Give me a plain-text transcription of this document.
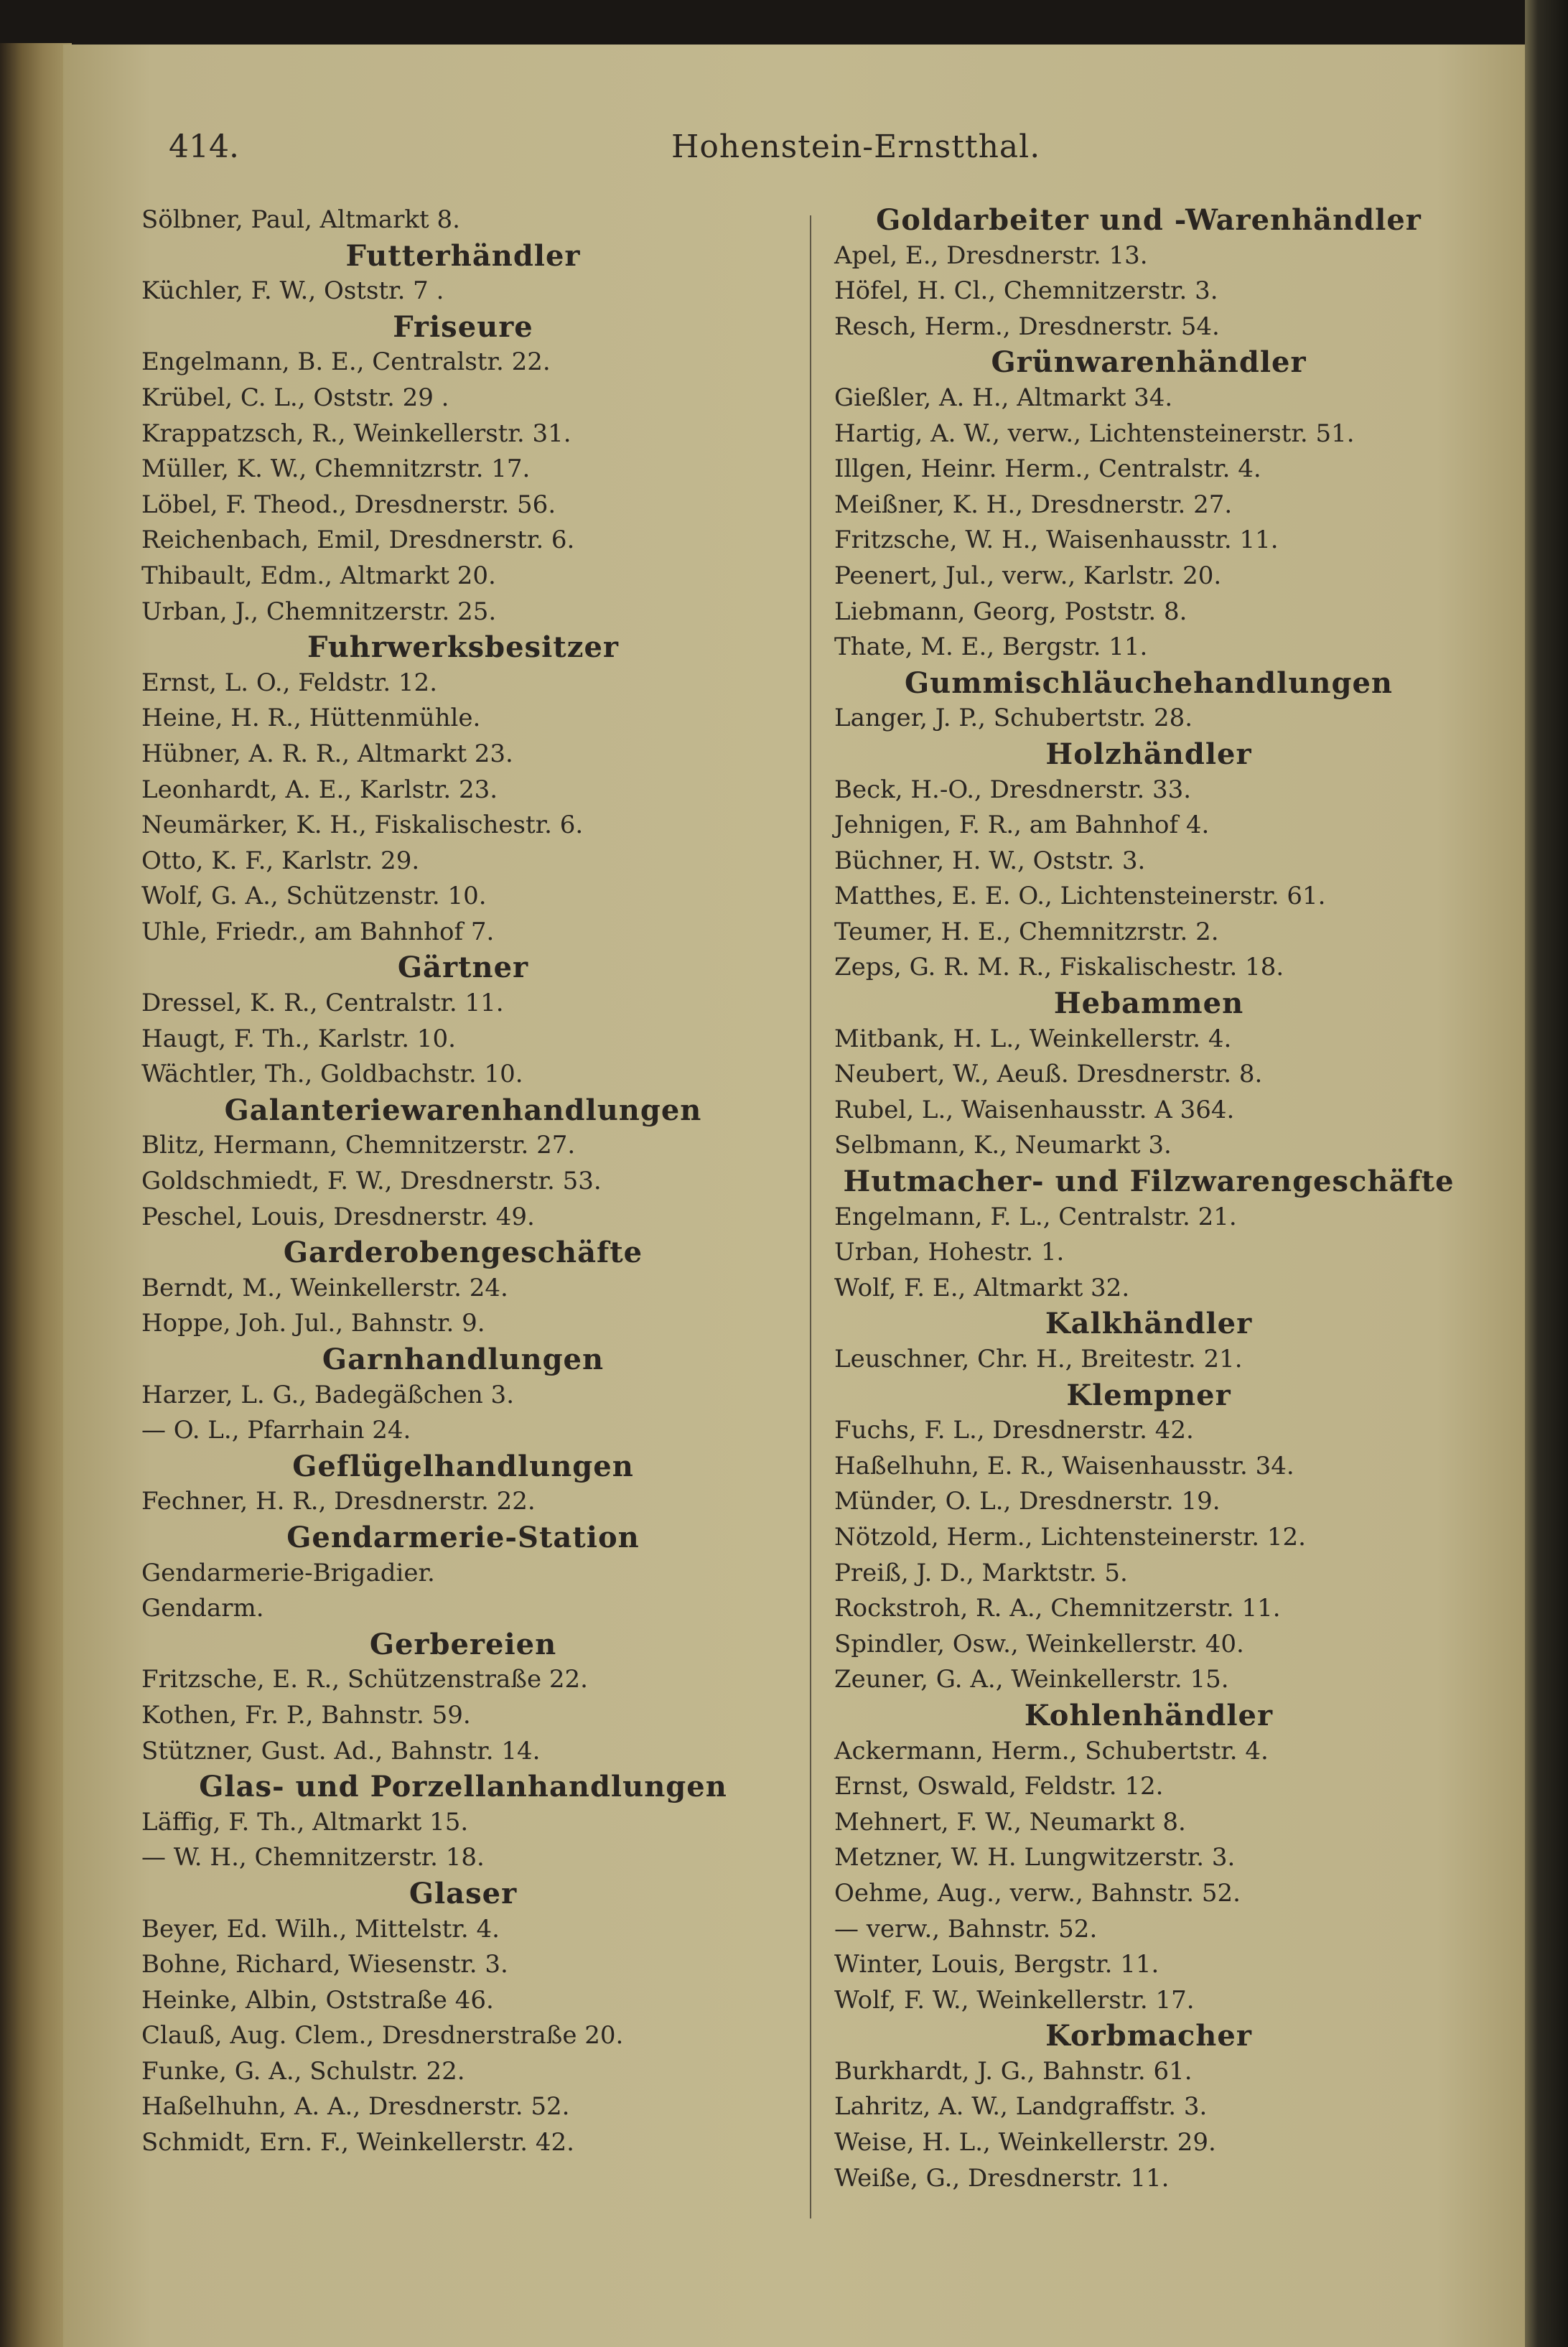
414.	Hohenstein-Ernstthal.
Sölbner, Paul, Altmarkt 8.
Futterhändler
Küchler, F. W., Oststr. 7 .
Friseure
Engelmann, B. E., Centralstr. 22.
Krübel, C. L., Oststr. 29 .
Krappatzsch, R., Weinkellerstr. 31.
Müller, K. W., Chemnitzrstr. 17.
Löbel, F. Theod., Dresdnerstr. 56.
Reichenbach, Emil, Dresdnerstr. 6.
Thibault, Edm., Altmarkt 20.
Urban, J., Chemnitzerstr. 25.
Fuhrwerksbesitzer
Ernst, L. O., Feldstr. 12.
Heine, H. R., Hüttenmühle.
Hübner, A. R. R., Altmarkt 23.
Leonhardt, A. E., Karlstr. 23.
Neumärker, K. H., Fiskalischestr. 6.
Otto, K. F., Karlstr. 29.
Wolf, G. A., Schützenstr. 10.
Uhle, Friedr., am Bahnhof 7.
Gärtner
Dressel, K. R., Centralstr. 11.
Haugt, F. Th., Karlstr. 10.
Wächtler, Th., Goldbachstr. 10.
Galanteriewarenhandlungen
Blitz, Hermann, Chemnitzerstr. 27.
Goldschmiedt, F. W., Dresdnerstr. 53.
Peschel, Louis, Dresdnerstr. 49.
Garderobengeschäfte
Berndt, M., Weinkellerstr. 24.
Hoppe, Joh. Jul., Bahnstr. 9.
Garnhandlungen
Harzer, L. G., Badegäßchen 3.
— O. L., Pfarrhain 24.
Geflügelhandlungen
Fechner, H. R., Dresdnerstr. 22.
Gendarmerie-Station
Gendarmerie-Brigadier.
Gendarm.
Gerbereien
Fritzsche, E. R., Schützenstraße 22.
Kothen, Fr. P., Bahnstr. 59.
Stützner, Gust. Ad., Bahnstr. 14.
Glas- und Porzellanhandlungen
Läffig, F. Th., Altmarkt 15.
— W. H., Chemnitzerstr. 18.
Glaser
Beyer, Ed. Wilh., Mittelstr. 4.
Bohne, Richard, Wiesenstr. 3.
Heinke, Albin, Oststraße 46.
Clauß, Aug. Clem., Dresdnerstraße 20.
Funke, G. A., Schulstr. 22.
Haßelhuhn, A. A., Dresdnerstr. 52.
Schmidt, Ern. F., Weinkellerstr. 42.
Goldarbeiter und -Warenhändler
Apel, E., Dresdnerstr. 13.
Höfel, H. Cl., Chemnitzerstr. 3.
Resch, Herm., Dresdnerstr. 54.
Grünwarenhändler
Gießler, A. H., Altmarkt 34.
Hartig, A. W., verw., Lichtensteinerstr. 51.
Illgen, Heinr. Herm., Centralstr. 4.
Meißner, K. H., Dresdnerstr. 27.
Fritzsche, W. H., Waisenhausstr. 11.
Peenert, Jul., verw., Karlstr. 20.
Liebmann, Georg, Poststr. 8.
Thate, M. E., Bergstr. 11.
Gummischläuchehandlungen
Langer, J. P., Schubertstr. 28.
Holzhändler
Beck, H.-O., Dresdnerstr. 33.
Jehnigen, F. R., am Bahnhof 4.
Büchner, H. W., Oststr. 3.
Matthes, E. E. O., Lichtensteinerstr. 61.
Teumer, H. E., Chemnitzrstr. 2.
Zeps, G. R. M. R., Fiskalischestr. 18.
Hebammen
Mitbank, H. L., Weinkellerstr. 4.
Neubert, W., Aeuß. Dresdnerstr. 8.
Rubel, L., Waisenhausstr. A 364.
Selbmann, K., Neumarkt 3.
Hutmacher- und Filzwarengeschäfte
Engelmann, F. L., Centralstr. 21.
Urban, Hohestr. 1.
Wolf, F. E., Altmarkt 32.
Kalkhändler
Leuschner, Chr. H., Breitestr. 21.
Klempner
Fuchs, F. L., Dresdnerstr. 42.
Haßelhuhn, E. R., Waisenhausstr. 34.
Münder, O. L., Dresdnerstr. 19.
Nötzold, Herm., Lichtensteinerstr. 12.
Preiß, J. D., Marktstr. 5.
Rockstroh, R. A., Chemnitzerstr. 11.
Spindler, Osw., Weinkellerstr. 40.
Zeuner, G. A., Weinkellerstr. 15.
Kohlenhändler
Ackermann, Herm., Schubertstr. 4.
Ernst, Oswald, Feldstr. 12.
Mehnert, F. W., Neumarkt 8.
Metzner, W. H. Lungwitzerstr. 3.
Oehme, Aug., verw., Bahnstr. 52.
— verw., Bahnstr. 52.
Winter, Louis, Bergstr. 11.
Wolf, F. W., Weinkellerstr. 17.
Korbmacher
Burkhardt, J. G., Bahnstr. 61.
Lahritz, A. W., Landgraffstr. 3.
Weise, H. L., Weinkellerstr. 29.
Weiße, G., Dresdnerstr. 11.
